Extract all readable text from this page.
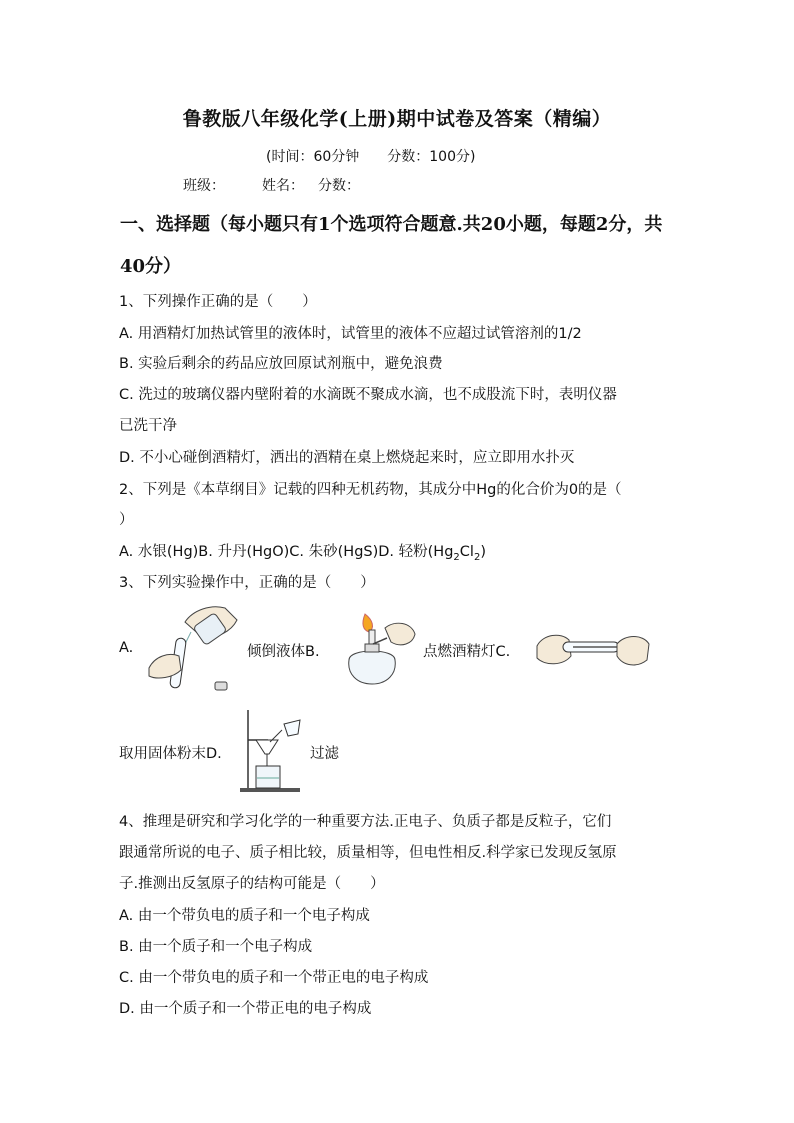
鲁教版八年级化学(上册)期中试卷及答案（精编）
(时间：60分钟　　分数：100分)
班级：	姓名： 分数：
一、选择题（每小题只有1个选项符合题意.共20小题，每题2分，共
40分）
1、下列操作正确的是（　　）
A. 用酒精灯加热试管里的液体时，试管里的液体不应超过试管溶剂的1/2
B. 实验后剩余的药品应放回原试剂瓶中，避免浪费
C. 洗过的玻璃仪器内壁附着的水滴既不聚成水滴，也不成股流下时，表明仪器
已洗干净
D. 不小心碰倒酒精灯，洒出的酒精在桌上燃烧起来时，应立即用水扑灭
2、下列是《本草纲目》记载的四种无机药物，其成分中Hg的化合价为0的是（
）
A. 水银(Hg)B. 升丹(HgO)C. 朱砂(HgS)D. 轻粉$(Hg_2Cl_2)$
3、下列实验操作中，正确的是（　　）
A.	倾倒液体B.	点燃酒精灯C.
取用固体粉末D.	过滤
4、推理是研究和学习化学的一种重要方法.正电子、负质子都是反粒子，它们
跟通常所说的电子、质子相比较，质量相等，但电性相反.科学家已发现反氢原
子.推测出反氢原子的结构可能是（　　）
A. 由一个带负电的质子和一个电子构成
B. 由一个质子和一个电子构成
C. 由一个带负电的质子和一个带正电的电子构成
D. 由一个质子和一个带正电的电子构成
